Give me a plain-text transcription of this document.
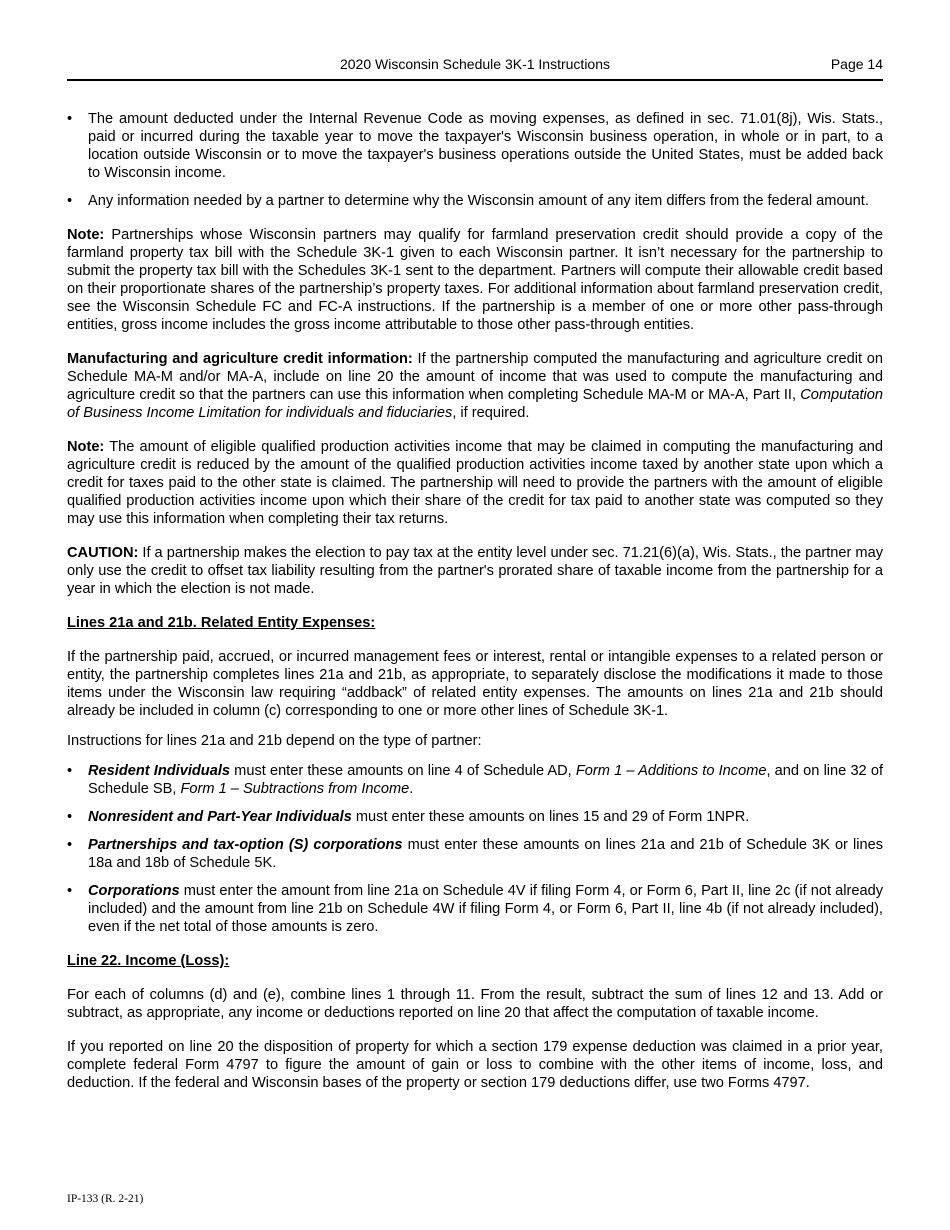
2020 Wisconsin Schedule 3K-1 Instructions	Page 14
• The amount deducted under the Internal Revenue Code as moving expenses, as defined in sec. 71.01(8j), Wis. Stats., paid or incurred during the taxable year to move the taxpayer's Wisconsin business operation, in whole or in part, to a location outside Wisconsin or to move the taxpayer's business operations outside the United States, must be added back to Wisconsin income.
• Any information needed by a partner to determine why the Wisconsin amount of any item differs from the federal amount.

Note: Partnerships whose Wisconsin partners may qualify for farmland preservation credit should provide a copy of the farmland property tax bill with the Schedule 3K-1 given to each Wisconsin partner. It isn’t necessary for the partnership to submit the property tax bill with the Schedules 3K-1 sent to the department. Partners will compute their allowable credit based on their proportionate shares of the partnership’s property taxes. For additional information about farmland preservation credit, see the Wisconsin Schedule FC and FC-A instructions. If the partnership is a member of one or more other pass-through entities, gross income includes the gross income attributable to those other pass-through entities.

Manufacturing and agriculture credit information: If the partnership computed the manufacturing and agriculture credit on Schedule MA-M and/or MA-A, include on line 20 the amount of income that was used to compute the manufacturing and agriculture credit so that the partners can use this information when completing Schedule MA-M or MA-A, Part II, Computation of Business Income Limitation for individuals and fiduciaries, if required.

Note: The amount of eligible qualified production activities income that may be claimed in computing the manufacturing and agriculture credit is reduced by the amount of the qualified production activities income taxed by another state upon which a credit for taxes paid to the other state is claimed. The partnership will need to provide the partners with the amount of eligible qualified production activities income upon which their share of the credit for tax paid to another state was computed so they may use this information when completing their tax returns.

CAUTION: If a partnership makes the election to pay tax at the entity level under sec. 71.21(6)(a), Wis. Stats., the partner may only use the credit to offset tax liability resulting from the partner's prorated share of taxable income from the partnership for a year in which the election is not made.

Lines 21a and 21b. Related Entity Expenses:

If the partnership paid, accrued, or incurred management fees or interest, rental or intangible expenses to a related person or entity, the partnership completes lines 21a and 21b, as appropriate, to separately disclose the modifications it made to those items under the Wisconsin law requiring “addback” of related entity expenses. The amounts on lines 21a and 21b should already be included in column (c) corresponding to one or more other lines of Schedule 3K-1.

Instructions for lines 21a and 21b depend on the type of partner:

• Resident Individuals must enter these amounts on line 4 of Schedule AD, Form 1 – Additions to Income, and on line 32 of Schedule SB, Form 1 – Subtractions from Income.
• Nonresident and Part-Year Individuals must enter these amounts on lines 15 and 29 of Form 1NPR.
• Partnerships and tax-option (S) corporations must enter these amounts on lines 21a and 21b of Schedule 3K or lines 18a and 18b of Schedule 5K.
• Corporations must enter the amount from line 21a on Schedule 4V if filing Form 4, or Form 6, Part II, line 2c (if not already included) and the amount from line 21b on Schedule 4W if filing Form 4, or Form 6, Part II, line 4b (if not already included), even if the net total of those amounts is zero.
Line 22. Income (Loss):

For each of columns (d) and (e), combine lines 1 through 11. From the result, subtract the sum of lines 12 and 13. Add or subtract, as appropriate, any income or deductions reported on line 20 that affect the computation of taxable income.

If you reported on line 20 the disposition of property for which a section 179 expense deduction was claimed in a prior year, complete federal Form 4797 to figure the amount of gain or loss to combine with the other items of income, loss, and deduction. If the federal and Wisconsin bases of the property or section 179 deductions differ, use two Forms 4797.

IP-133 (R. 2-21)
